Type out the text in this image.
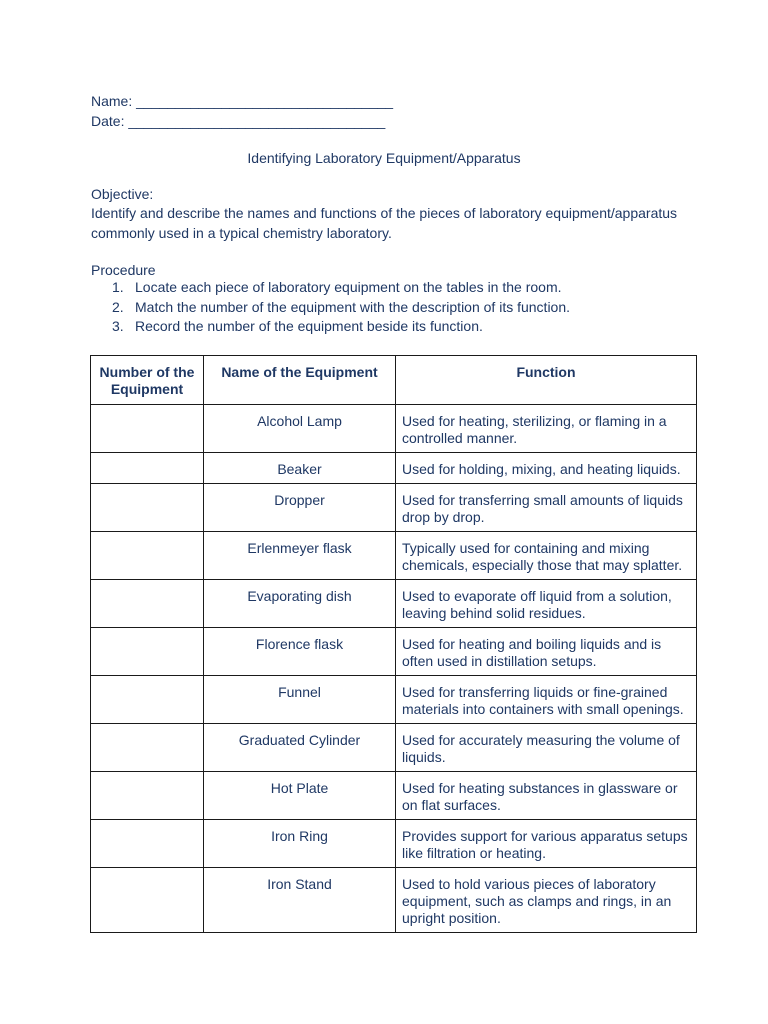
Name: _________________________________
Date: _________________________________
Identifying Laboratory Equipment/Apparatus
Objective:
Identify and describe the names and functions of the pieces of laboratory equipment/apparatus commonly used in a typical chemistry laboratory.
Procedure
1. Locate each piece of laboratory equipment on the tables in the room.
2. Match the number of the equipment with the description of its function.
3. Record the number of the equipment beside its function.
Number of the Equipment	Name of the Equipment	Function
	Alcohol Lamp	Used for heating, sterilizing, or flaming in a controlled manner.
	Beaker	Used for holding, mixing, and heating liquids.
	Dropper	Used for transferring small amounts of liquids drop by drop.
	Erlenmeyer flask	Typically used for containing and mixing chemicals, especially those that may splatter.
	Evaporating dish	Used to evaporate off liquid from a solution, leaving behind solid residues.
	Florence flask	Used for heating and boiling liquids and is often used in distillation setups.
	Funnel	Used for transferring liquids or fine-grained materials into containers with small openings.
	Graduated Cylinder	Used for accurately measuring the volume of liquids.
	Hot Plate	Used for heating substances in glassware or on flat surfaces.
	Iron Ring	Provides support for various apparatus setups like filtration or heating.
	Iron Stand	Used to hold various pieces of laboratory equipment, such as clamps and rings, in an upright position.
